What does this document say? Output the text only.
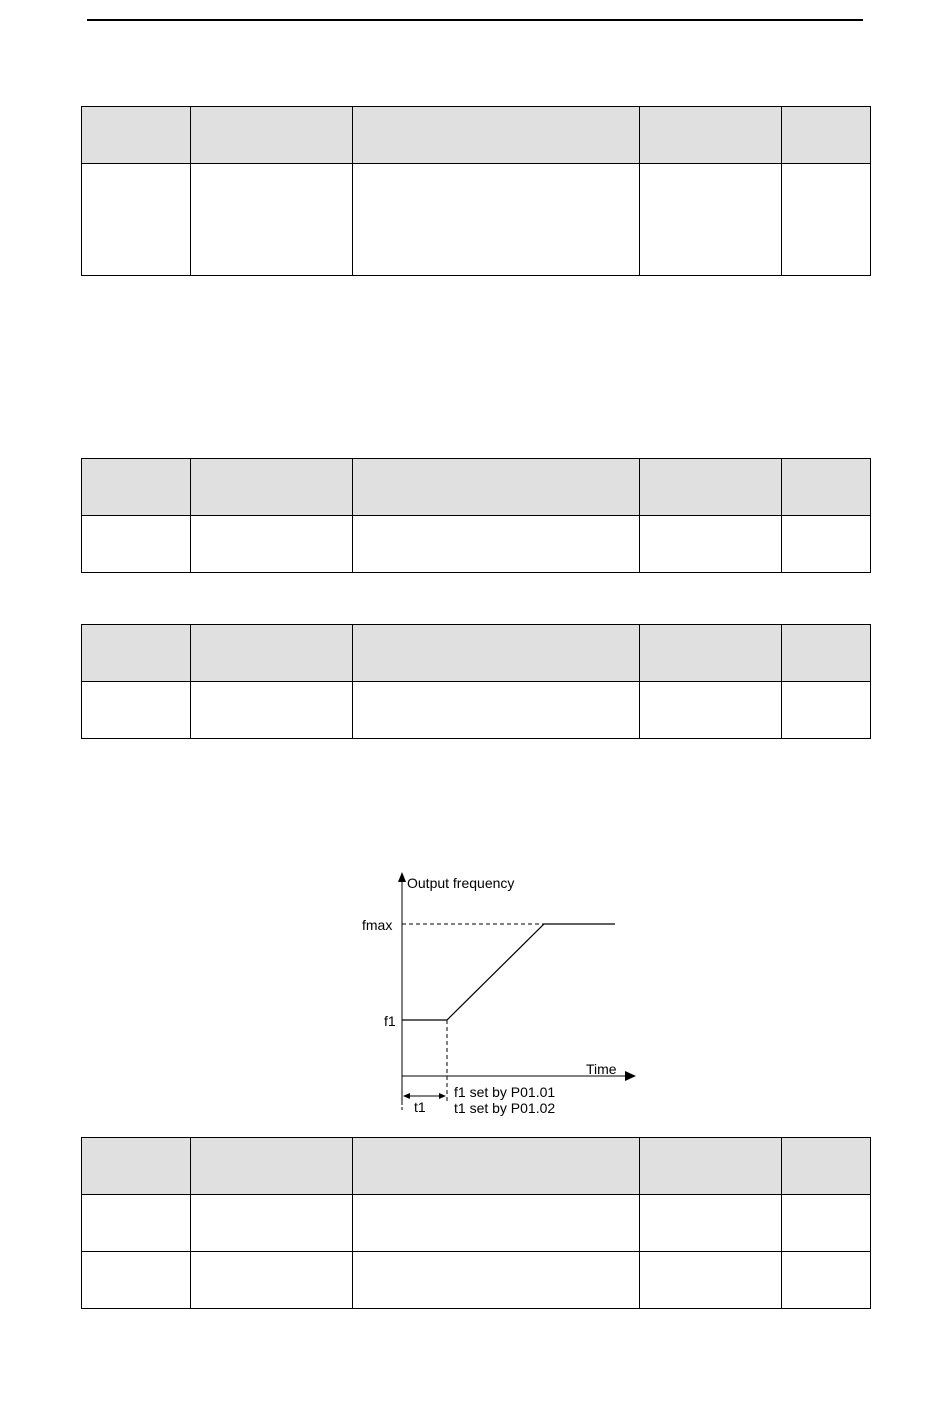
Output frequency
Time
fmax
f1
t1
f1 set by P01.01
t1 set by P01.02
